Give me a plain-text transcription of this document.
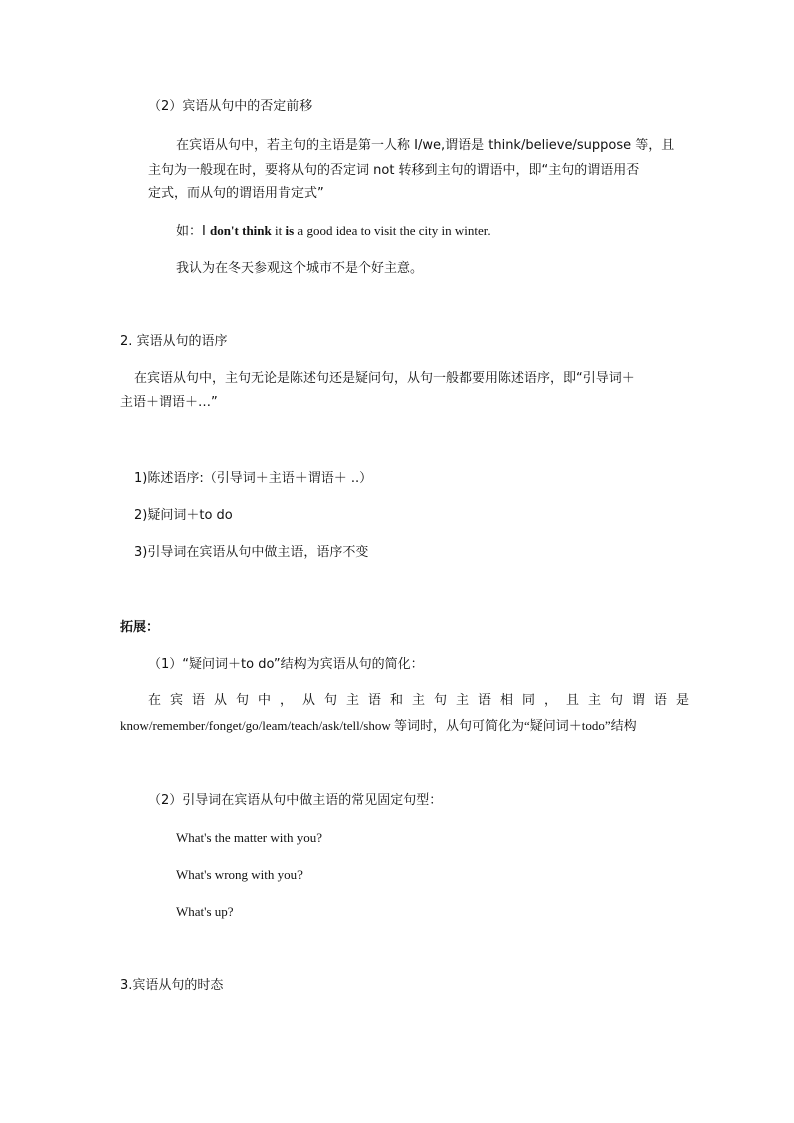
（2）宾语从句中的否定前移
在宾语从句中，若主句的主语是第一人称 I/we,谓语是 think/believe/suppose 等，且
主句为一般现在时，要将从句的否定词 not 转移到主句的谓语中，即“主句的谓语用否
定式，而从句的谓语用肯定式”
如：I don't think it is a good idea to visit the city in winter.
我认为在冬天参观这个城市不是个好主意。
2. 宾语从句的语序
在宾语从句中，主句无论是陈述句还是疑问句，从句一般都要用陈述语序，即“引导词＋
主语＋谓语＋…”
1)陈述语序:（引导词＋主语＋谓语＋ ..）
2)疑问词＋to do
3)引导词在宾语从句中做主语，语序不变
拓展：
（1）“疑问词＋to do”结构为宾语从句的简化：
在宾语从句中，从句主语和主句主语相同，且主句谓语是
know/remember/fonget/go/leam/teach/ask/tell/show 等词时，从句可简化为“疑问词＋todo”结构
（2）引导词在宾语从句中做主语的常见固定句型：
What's the matter with you?
What's wrong with you?
What's up?
3.宾语从句的时态
